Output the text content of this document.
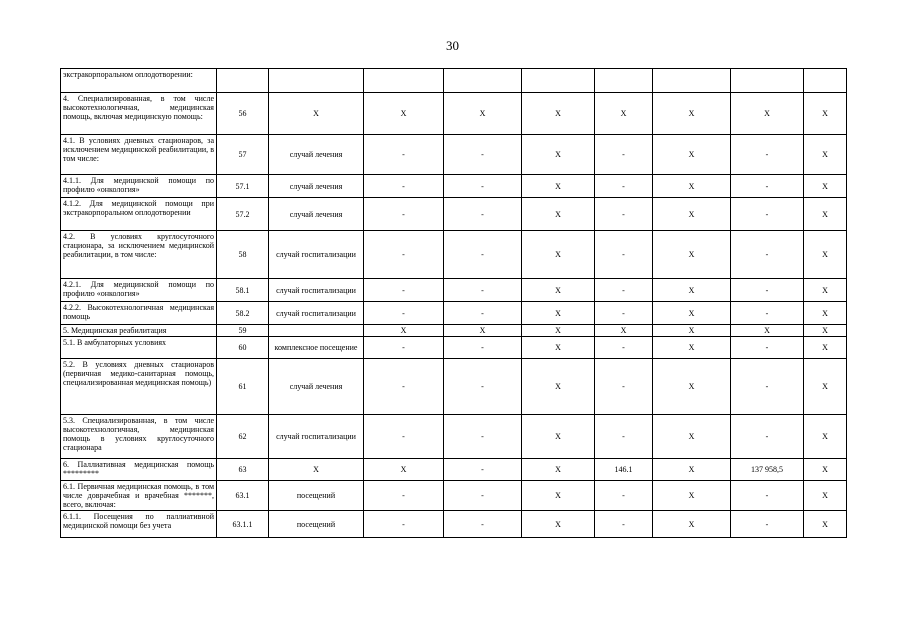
30
экстракорпоральном оплодотворении:									
4. Специализированная, в том числе высокотехнологичная, медицинская помощь, включая медицинскую помощь:	56	X	X	X	X	X	X	X	X
4.1. В условиях дневных стационаров, за исключением медицинской реабилитации, в том числе:	57	случай лечения	-	-	X	-	X	-	X
4.1.1. Для медицинской помощи по профилю «онкология»	57.1	случай лечения	-	-	X	-	X	-	X
4.1.2. Для медицинской помощи при экстракорпоральном оплодотворении	57.2	случай лечения	-	-	X	-	X	-	X
4.2. В условиях круглосуточного стационара, за исключением медицинской реабилитации, в том числе:	58	случай госпитализации	-	-	X	-	X	-	X
4.2.1. Для медицинской помощи по профилю «онкология»	58.1	случай госпитализации	-	-	X	-	X	-	X
4.2.2. Высокотехнологичная медицинская помощь	58.2	случай госпитализации	-	-	X	-	X	-	X
5. Медицинская реабилитация	59		X	X	X	X	X	X	X
5.1. В амбулаторных условиях	60	комплексное посещение	-	-	X	-	X	-	X
5.2. В условиях дневных стационаров (первичная медико-санитарная помощь, специализированная медицинская помощь)	61	случай лечения	-	-	X	-	X	-	X
5.3. Специализированная, в том числе высокотехнологичная, медицинская помощь в условиях круглосуточного стационара	62	случай госпитализации	-	-	X	-	X	-	X
6. Паллиативная медицинская помощь *********	63	X	X	-	X	146.1	X	137 958,5	X
6.1. Первичная медицинская помощь, в том числе доврачебная и врачебная *******, всего, включая:	63.1	посещений	-	-	X	-	X	-	X
6.1.1. Посещения по паллиативной медицинской помощи без учета	63.1.1	посещений	-	-	X	-	X	-	X
